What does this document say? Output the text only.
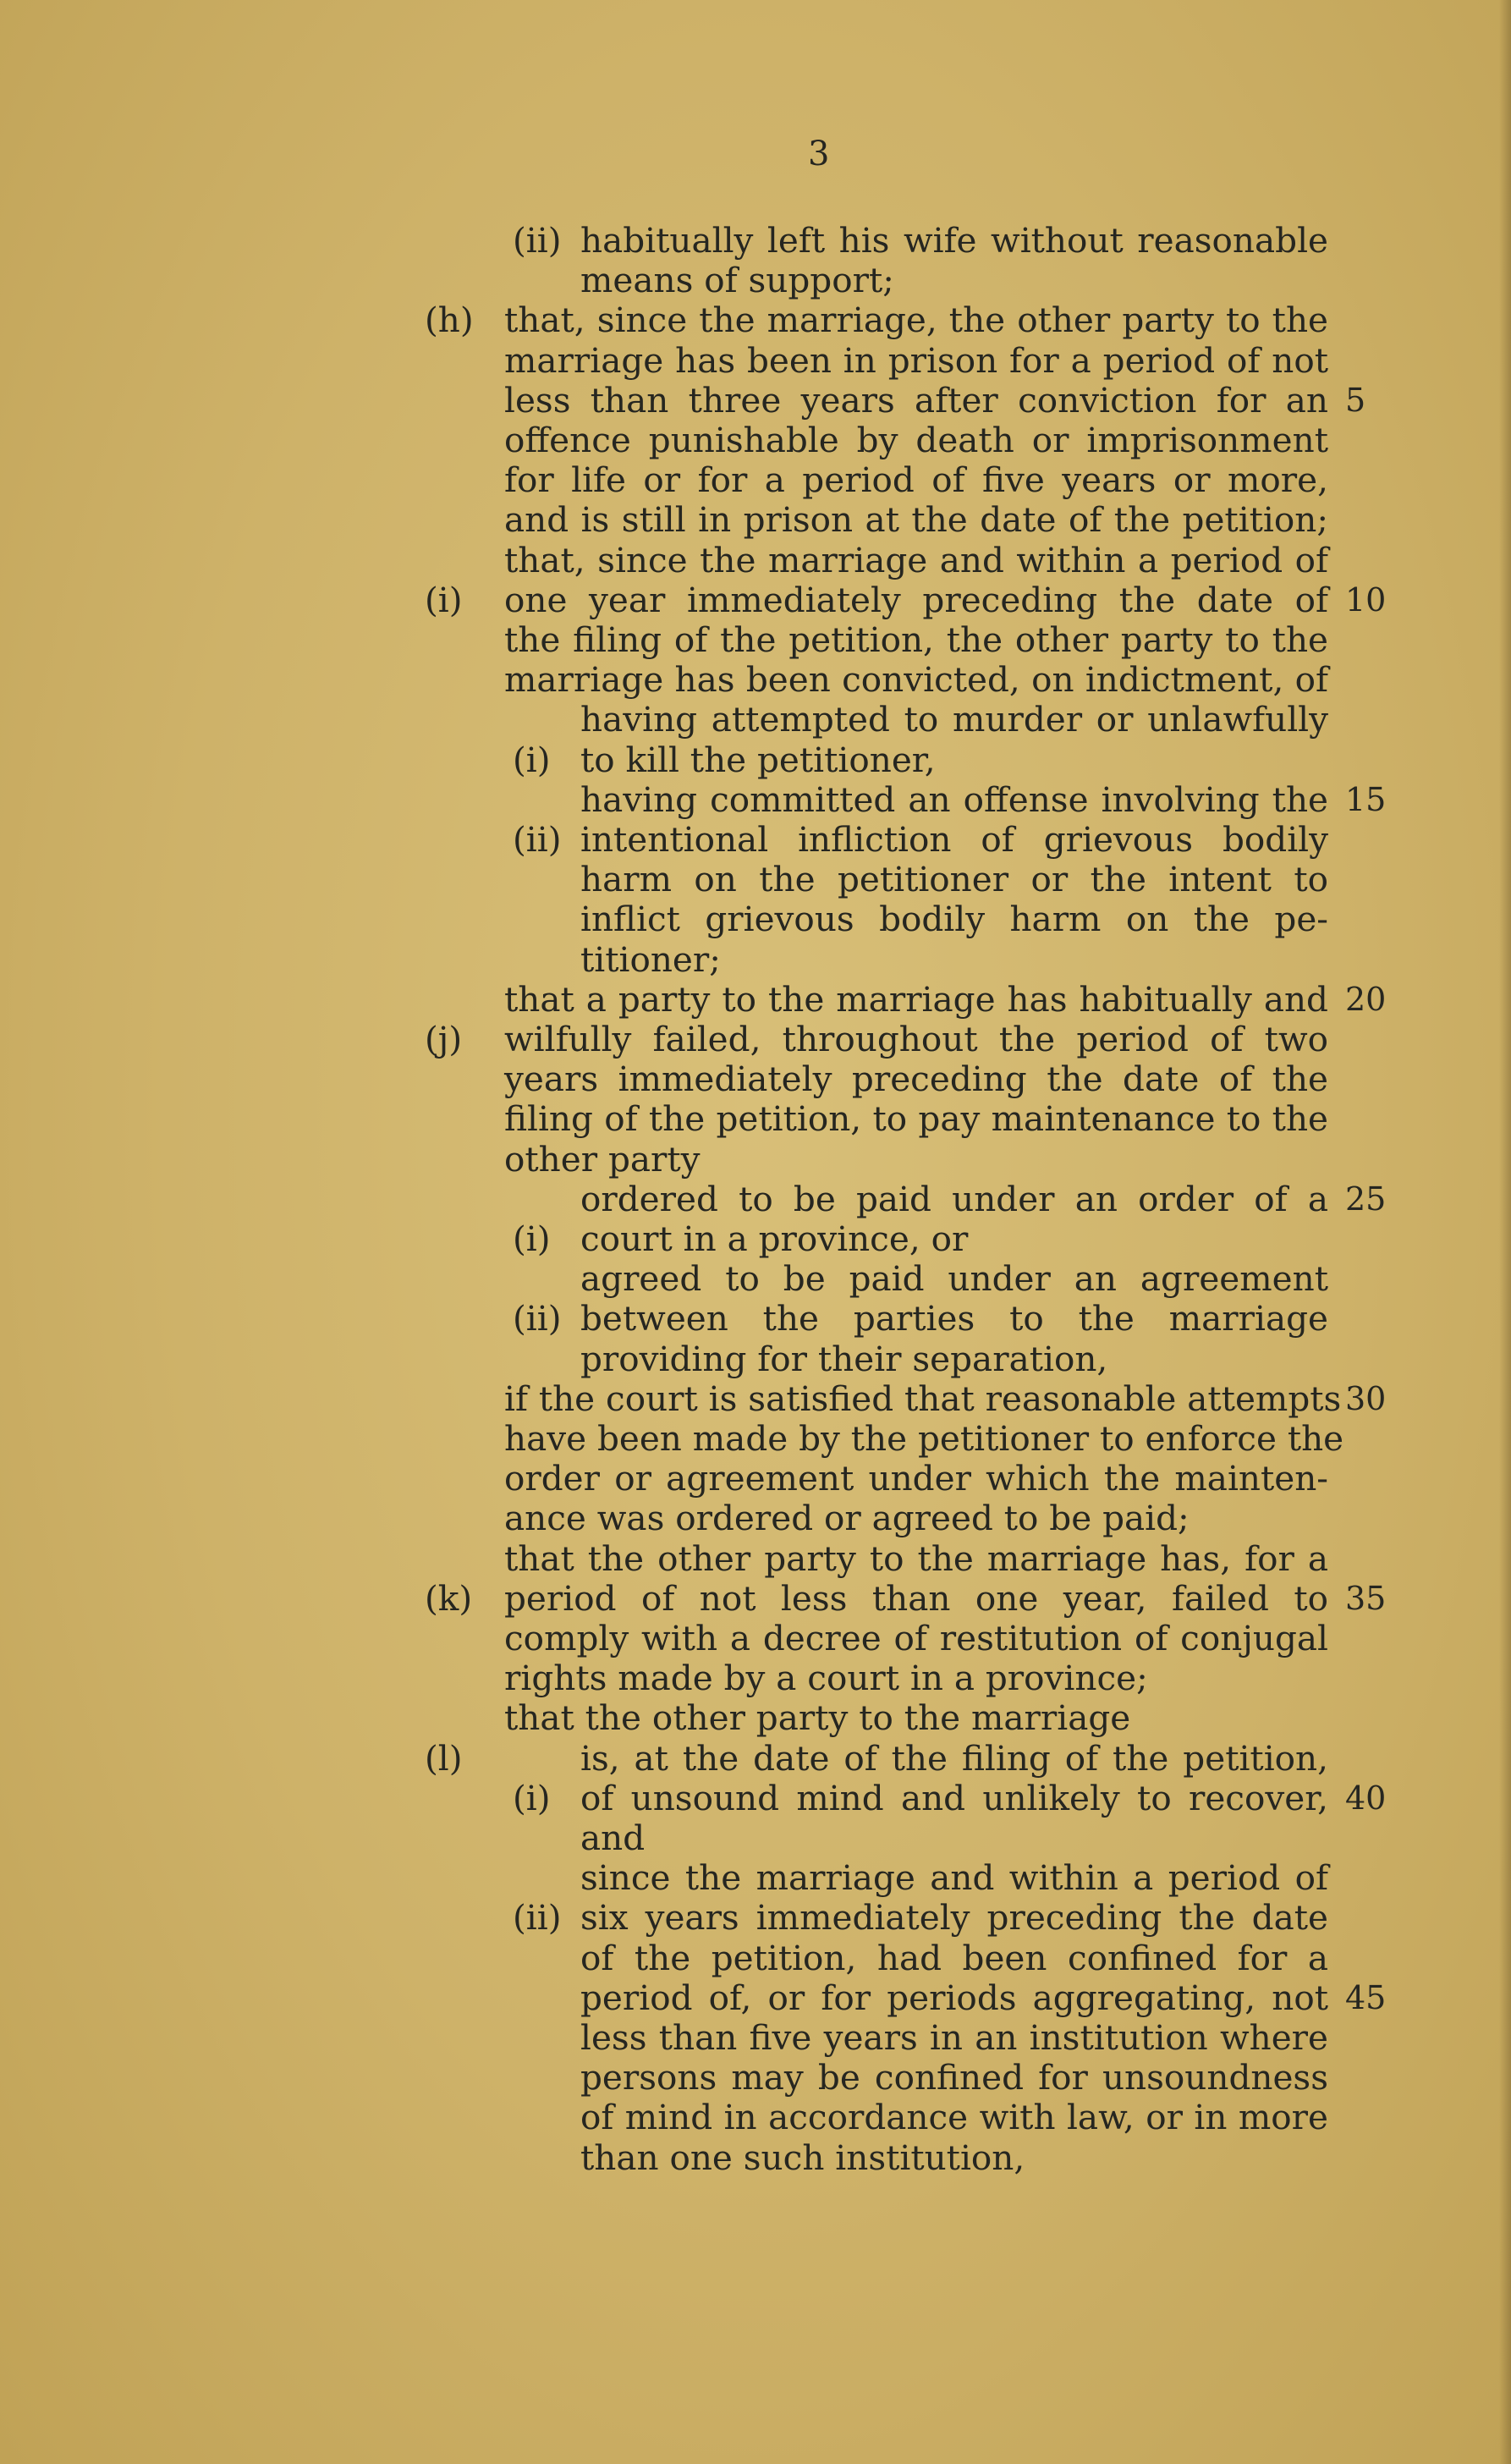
3
habitually left his wife without reasonable
means of support;
that, since the marriage, the other party to the
marriage has been in prison for a period of not
less than three years after conviction for an
offence punishable by death or imprisonment
for life or for a period of five years or more,
and is still in prison at the date of the petition;
that, since the marriage and within a period of
one year immediately preceding the date of
the filing of the petition, the other party to the
marriage has been convicted, on indictment, of
having attempted to murder or unlawfully
to kill the petitioner,
having committed an offense involving the
intentional infliction of grievous bodily
harm on the petitioner or the intent to
inflict grievous bodily harm on the pe-
titioner;
that a party to the marriage has habitually and
wilfully failed, throughout the period of two
years immediately preceding the date of the
filing of the petition, to pay maintenance to the
other party
ordered to be paid under an order of a
court in a province, or
agreed to be paid under an agreement
between the parties to the marriage
providing for their separation,
if the court is satisfied that reasonable attempts
have been made by the petitioner to enforce the
order or agreement under which the mainten-
ance was ordered or agreed to be paid;
that the other party to the marriage has, for a
period of not less than one year, failed to
comply with a decree of restitution of conjugal
rights made by a court in a province;
that the other party to the marriage
is, at the date of the filing of the petition,
of unsound mind and unlikely to recover,
and
since the marriage and within a period of
six years immediately preceding the date
of the petition, had been confined for a
period of, or for periods aggregating, not
less than five years in an institution where
persons may be confined for unsoundness
of mind in accordance with law, or in more
than one such institution,
(ii)
(h)
(i)
(i)
(ii)
(j)
(i)
(ii)
(k)
(l)
(i)
(ii)
5
10
15
20
25
30
35
40
45
